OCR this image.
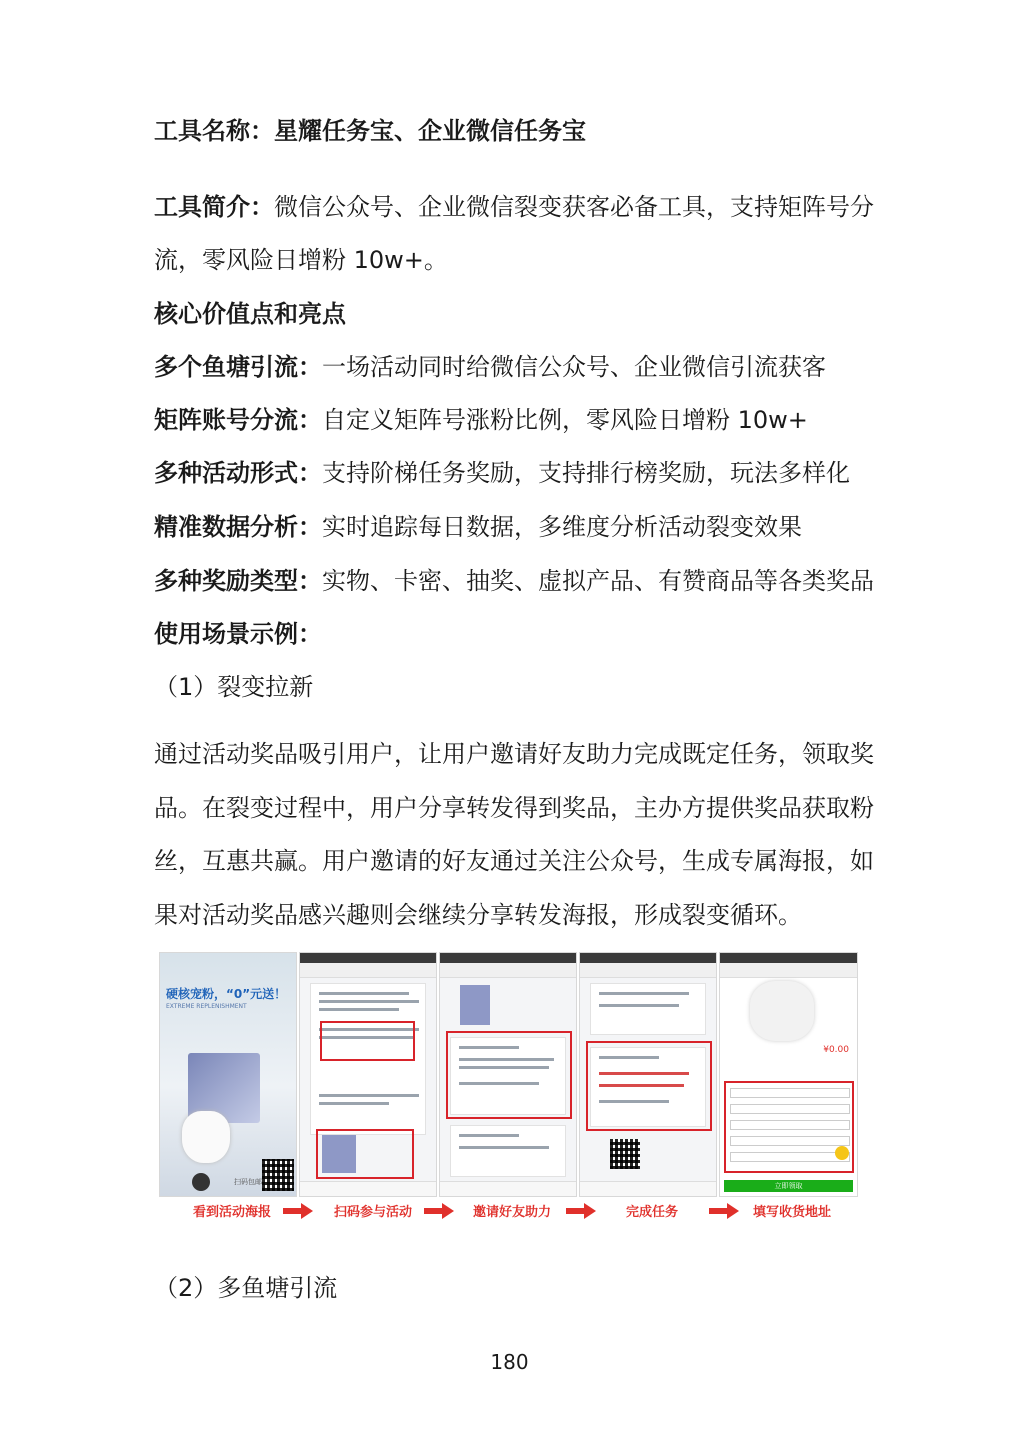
工具名称：星耀任务宝、企业微信任务宝
工具简介：微信公众号、企业微信裂变获客必备工具，支持矩阵号分
流，零风险日增粉 10w+。
核心价值点和亮点
多个鱼塘引流：一场活动同时给微信公众号、企业微信引流获客
矩阵账号分流：自定义矩阵号涨粉比例，零风险日增粉 10w+
多种活动形式：支持阶梯任务奖励，支持排行榜奖励，玩法多样化
精准数据分析：实时追踪每日数据，多维度分析活动裂变效果
多种奖励类型：实物、卡密、抽奖、虚拟产品、有赞商品等各类奖品
使用场景示例：
（1）裂变拉新
通过活动奖品吸引用户，让用户邀请好友助力完成既定任务，领取奖
品。在裂变过程中，用户分享转发得到奖品，主办方提供奖品获取粉
丝，互惠共赢。用户邀请的好友通过关注公众号，生成专属海报，如
果对活动奖品感兴趣则会继续分享转发海报，形成裂变循环。
硬核宠粉，“0”元送！
EXTREME REPLENISHMENT
扫码包邮
¥0.00
立即领取
看到活动海报	扫码参与活动	邀请好友助力	完成任务	填写收货地址
（2）多鱼塘引流
180
